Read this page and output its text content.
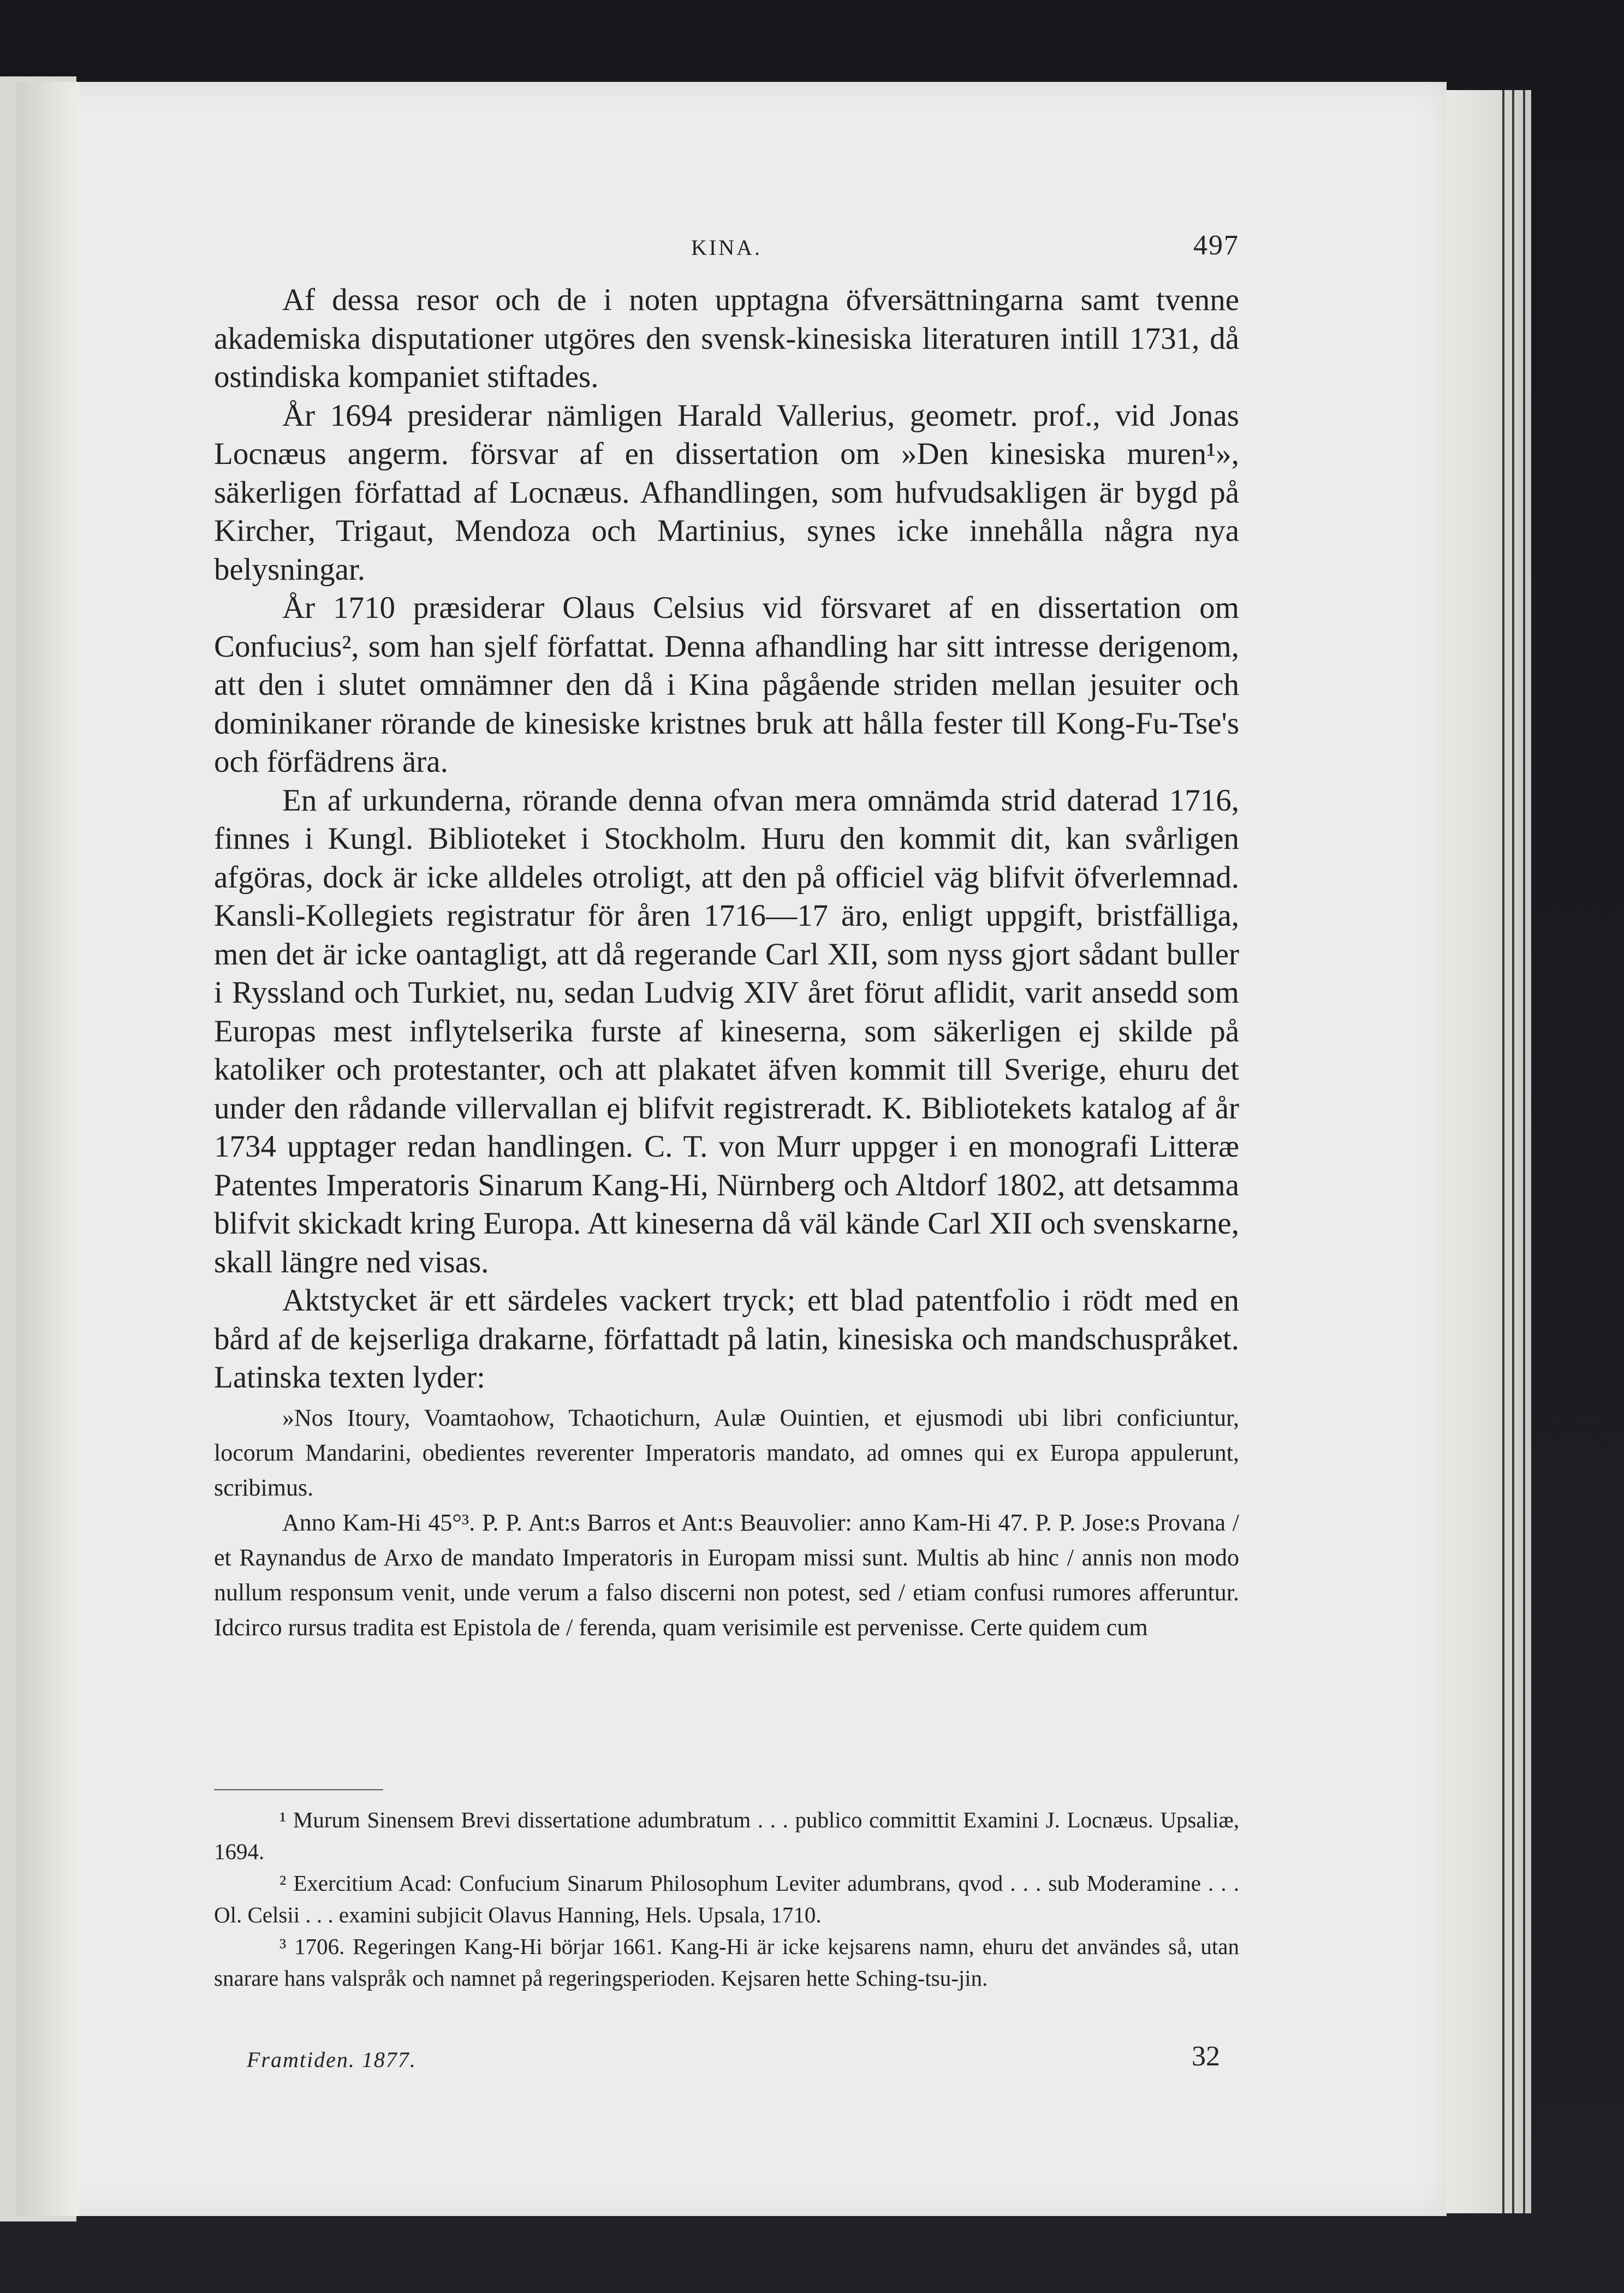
KINA.	497

Af dessa resor och de i noten upptagna öfversättningarna samt tvenne akademiska disputationer utgöres den svensk-kinesiska literaturen intill 1731, då ostindiska kompaniet stiftades.

År 1694 presiderar nämligen Harald Vallerius, geometr. prof., vid Jonas Locnæus angerm. försvar af en dissertation om »Den kinesiska muren¹», säkerligen författad af Locnæus. Afhandlingen, som hufvudsakligen är bygd på Kircher, Trigaut, Mendoza och Martinius, synes icke innehålla några nya belysningar.

År 1710 præsiderar Olaus Celsius vid försvaret af en dissertation om Confucius², som han sjelf författat. Denna afhandling har sitt intresse derigenom, att den i slutet omnämner den då i Kina pågående striden mellan jesuiter och dominikaner rörande de kinesiske kristnes bruk att hålla fester till Kong-Fu-Tse's och förfädrens ära.

En af urkunderna, rörande denna ofvan mera omnämda strid daterad 1716, finnes i Kungl. Biblioteket i Stockholm. Huru den kommit dit, kan svårligen afgöras, dock är icke alldeles otroligt, att den på officiel väg blifvit öfverlemnad. Kansli-Kollegiets registratur för åren 1716—17 äro, enligt uppgift, bristfälliga, men det är icke oantagligt, att då regerande Carl XII, som nyss gjort sådant buller i Ryssland och Turkiet, nu, sedan Ludvig XIV året förut aflidit, varit ansedd som Europas mest inflytelserika furste af kineserna, som säkerligen ej skilde på katoliker och protestanter, och att plakatet äfven kommit till Sverige, ehuru det under den rådande villervallan ej blifvit registreradt. K. Bibliotekets katalog af år 1734 upptager redan handlingen. C. T. von Murr uppger i en monografi Litteræ Patentes Imperatoris Sinarum Kang-Hi, Nürnberg och Altdorf 1802, att detsamma blifvit skickadt kring Europa. Att kineserna då väl kände Carl XII och svenskarne, skall längre ned visas.

Aktstycket är ett särdeles vackert tryck; ett blad patentfolio i rödt med en bård af de kejserliga drakarne, författadt på latin, kinesiska och mandschuspråket. Latinska texten lyder:

»Nos Itoury, Voamtaohow, Tchaotichurn, Aulæ Ouintien, et ejusmodi ubi libri conficiuntur, locorum Mandarini, obedientes reverenter Imperatoris mandato, ad omnes qui ex Europa appulerunt, scribimus.

Anno Kam-Hi 45°³. P. P. Ant:s Barros et Ant:s Beauvolier: anno Kam-Hi 47. P. P. Jose:s Provana / et Raynandus de Arxo de mandato Imperatoris in Europam missi sunt. Multis ab hinc / annis non modo nullum responsum venit, unde verum a falso discerni non potest, sed / etiam confusi rumores afferuntur. Idcirco rursus tradita est Epistola de / ferenda, quam verisimile est pervenisse. Certe quidem cum

¹ Murum Sinensem Brevi dissertatione adumbratum . . . publico committit Examini J. Locnæus. Upsaliæ, 1694.

² Exercitium Acad: Confucium Sinarum Philosophum Leviter adumbrans, qvod . . . sub Moderamine . . . Ol. Celsii . . . examini subjicit Olavus Hanning, Hels. Upsala, 1710.

³ 1706. Regeringen Kang-Hi börjar 1661. Kang-Hi är icke kejsarens namn, ehuru det användes så, utan snarare hans valspråk och namnet på regeringsperioden. Kejsaren hette Sching-tsu-jin.

Framtiden. 1877.	32
